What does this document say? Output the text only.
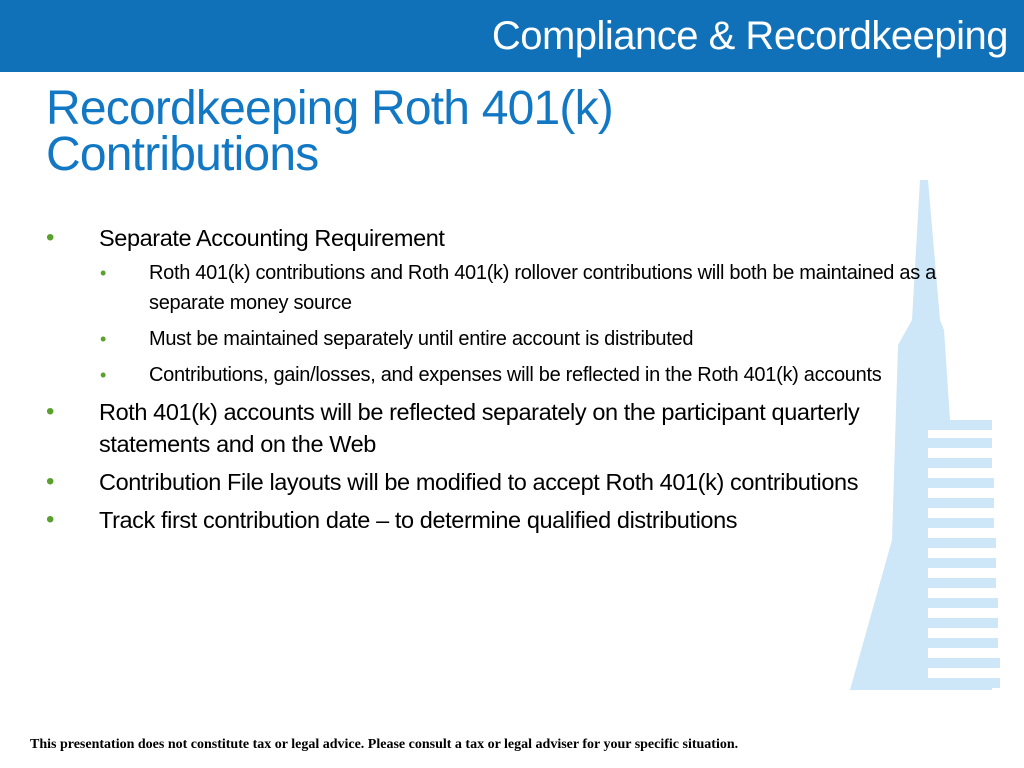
Compliance & Recordkeeping
Recordkeeping Roth 401(k)
Contributions
• Separate Accounting Requirement
• Roth 401(k) contributions and Roth 401(k) rollover contributions will both be maintained as a separate money source
• Must be maintained separately until entire account is distributed
• Contributions, gain/losses, and expenses will be reflected in the Roth 401(k) accounts
• Roth 401(k) accounts will be reflected separately on the participant quarterly statements and on the Web
• Contribution File layouts will be modified to accept Roth 401(k) contributions
• Track first contribution date – to determine qualified distributions
This presentation does not constitute tax or legal advice. Please consult a tax or legal adviser for your specific situation.
